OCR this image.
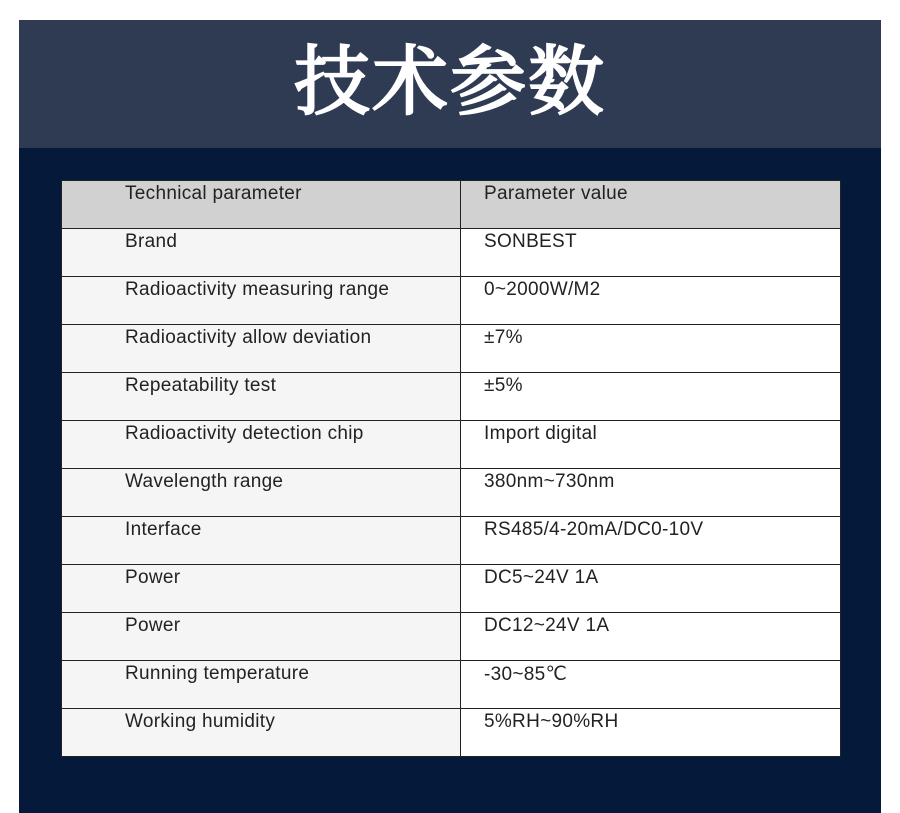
技术参数
Technical parameter	Parameter value

Brand	SONBEST

Radioactivity measuring range	0~2000W/M2

Radioactivity allow deviation	±7%

Repeatability test	±5%

Radioactivity detection chip	Import digital

Wavelength range	380nm~730nm

Interface	RS485/4-20mA/DC0-10V

Power	DC5~24V 1A

Power	DC12~24V 1A

Running temperature	-30~85℃

Working humidity	5%RH~90%RH
